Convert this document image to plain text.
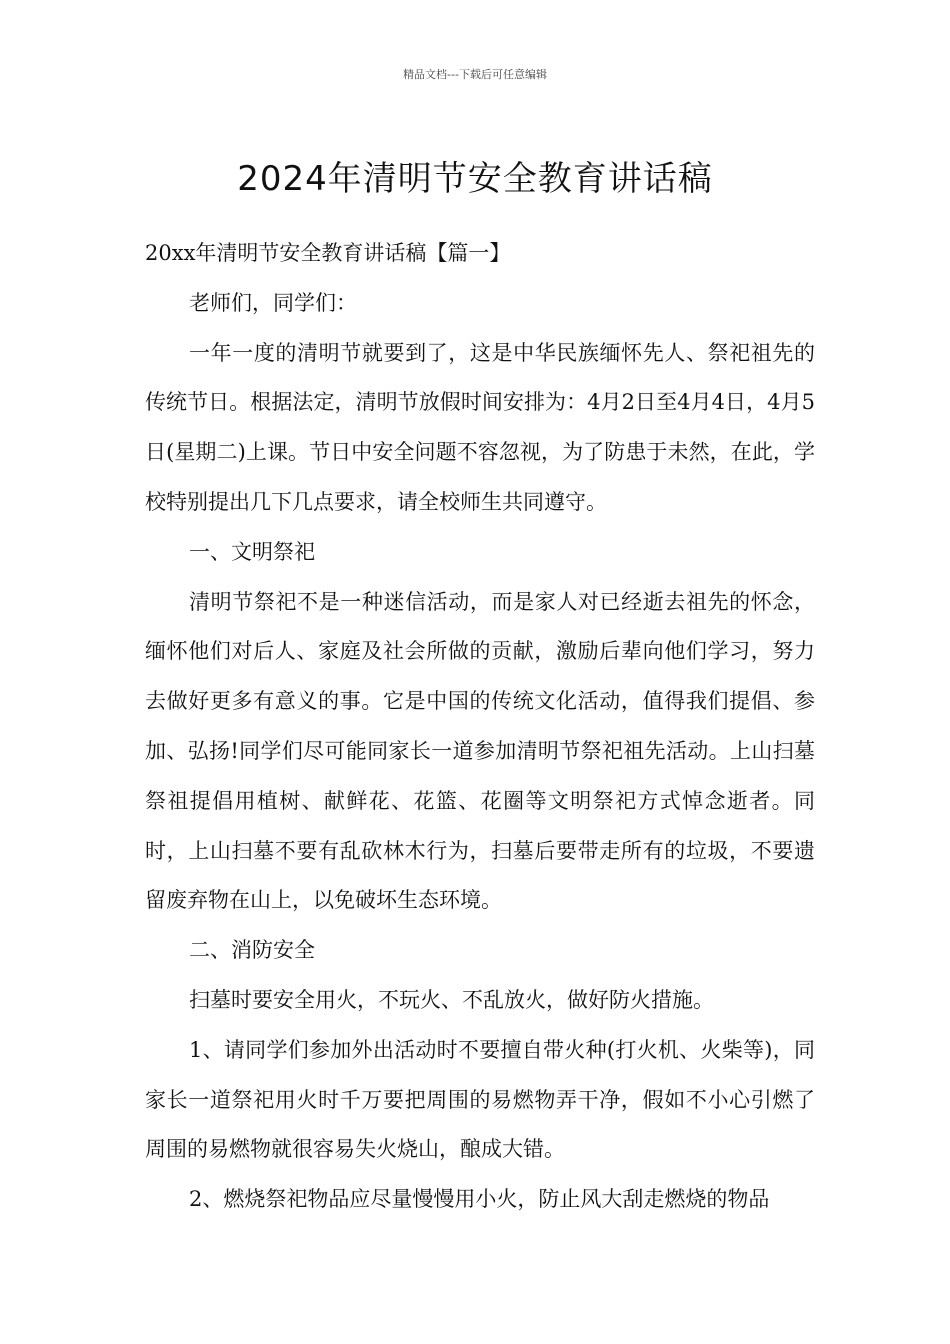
精品文档---下载后可任意编辑
2024年清明节安全教育讲话稿

20xx年清明节安全教育讲话稿【篇一】

老师们，同学们：

一年一度的清明节就要到了，这是中华民族缅怀先人、祭祀祖先的传统节日。根据法定，清明节放假时间安排为：4月2日至4月4日，4月5日(星期二)上课。节日中安全问题不容忽视，为了防患于未然，在此，学校特别提出几下几点要求，请全校师生共同遵守。

一、文明祭祀

清明节祭祀不是一种迷信活动，而是家人对已经逝去祖先的怀念，缅怀他们对后人、家庭及社会所做的贡献，激励后辈向他们学习，努力去做好更多有意义的事。它是中国的传统文化活动，值得我们提倡、参加、弘扬!同学们尽可能同家长一道参加清明节祭祀祖先活动。上山扫墓祭祖提倡用植树、献鲜花、花篮、花圈等文明祭祀方式悼念逝者。同时，上山扫墓不要有乱砍林木行为，扫墓后要带走所有的垃圾，不要遗留废弃物在山上，以免破坏生态环境。

二、消防安全

扫墓时要安全用火，不玩火、不乱放火，做好防火措施。

1、请同学们参加外出活动时不要擅自带火种(打火机、火柴等)，同家长一道祭祀用火时千万要把周围的易燃物弄干净，假如不小心引燃了周围的易燃物就很容易失火烧山，酿成大错。

2、燃烧祭祀物品应尽量慢慢用小火，防止风大刮走燃烧的物品
